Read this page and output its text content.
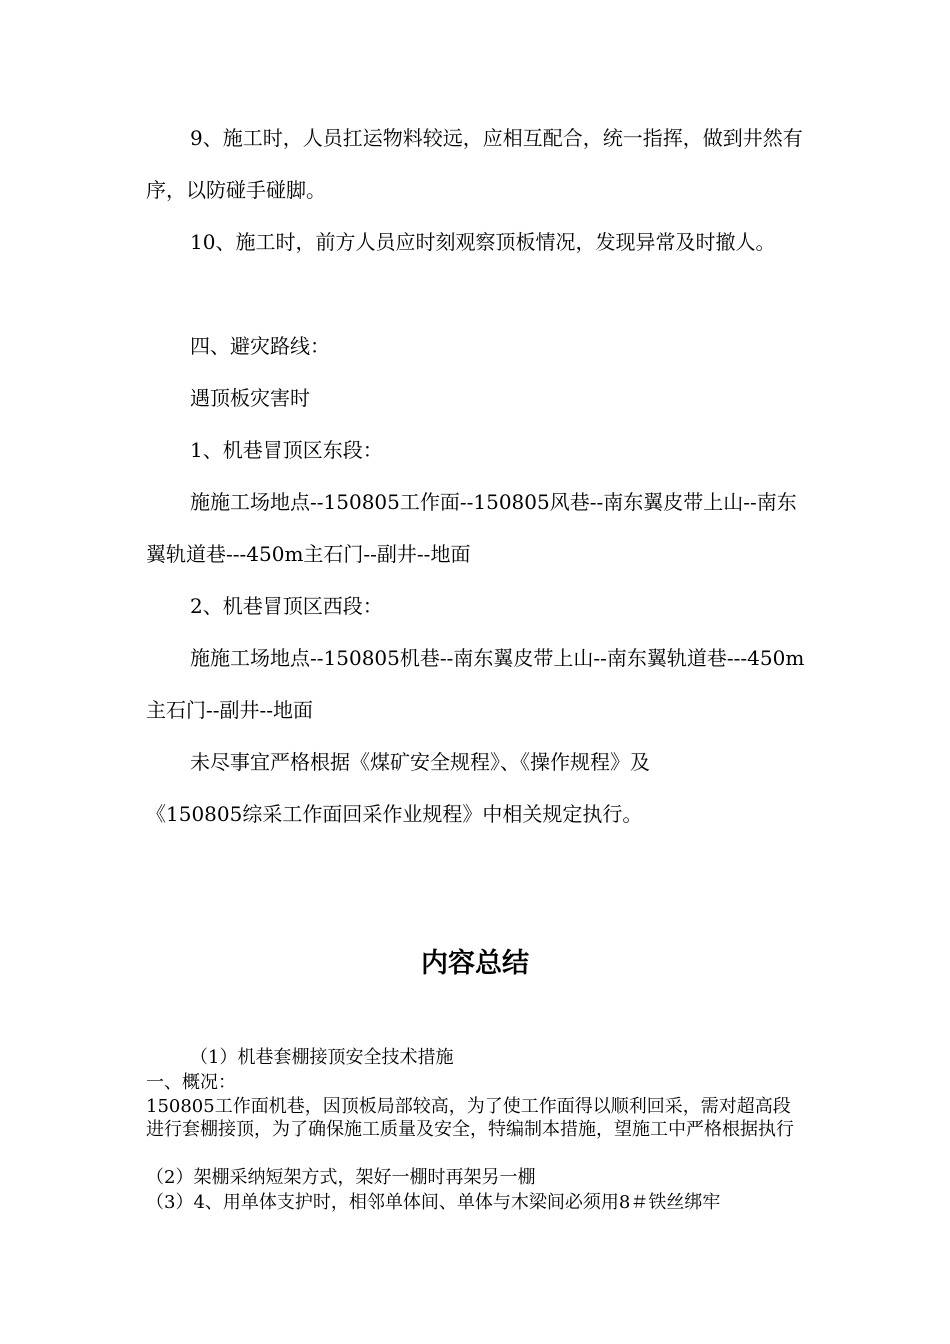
9、施工时，人员扛运物料较远，应相互配合，统一指挥，做到井然有序，以防碰手碰脚。

10、施工时，前方人员应时刻观察顶板情况，发现异常及时撤人。

四、避灾路线：

遇顶板灾害时

1、机巷冒顶区东段：

施施工场地点--150805工作面--150805风巷--南东翼皮带上山--南东翼轨道巷---450m主石门--副井--地面

2、机巷冒顶区西段：

施施工场地点--150805机巷--南东翼皮带上山--南东翼轨道巷---450m主石门--副井--地面

未尽事宜严格根据《煤矿安全规程》、《操作规程》及

《150805综采工作面回采作业规程》中相关规定执行。

内容总结

（1）机巷套棚接顶安全技术措施

一、概况：

150805工作面机巷，因顶板局部较高，为了使工作面得以顺利回采，需对超高段进行套棚接顶，为了确保施工质量及安全，特编制本措施，望施工中严格根据执行

（2）架棚采纳短架方式，架好一棚时再架另一棚

（3）4、用单体支护时，相邻单体间、单体与木梁间必须用8＃铁丝绑牢
